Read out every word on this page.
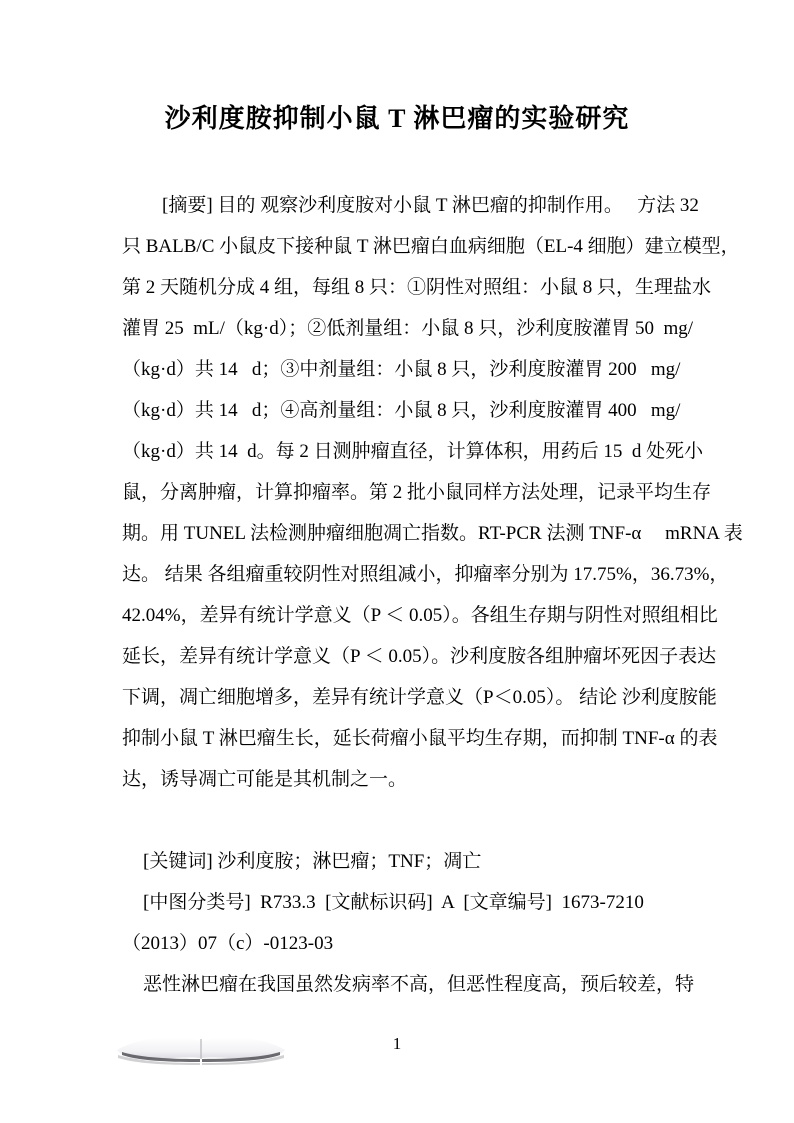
沙利度胺抑制小鼠 T 淋巴瘤的实验研究
[摘要] 目的 观察沙利度胺对小鼠 T 淋巴瘤的抑制作用。   方法 32
只 BALB/C 小鼠皮下接种鼠 T 淋巴瘤白血病细胞（EL-4 细胞）建立模型，
第 2 天随机分成 4 组，每组 8 只：①阴性对照组：小鼠 8 只，生理盐水
灌胃 25  mL/（kg·d）；②低剂量组：小鼠 8 只，沙利度胺灌胃 50  mg/
（kg·d）共 14   d；③中剂量组：小鼠 8 只，沙利度胺灌胃 200   mg/
（kg·d）共 14   d；④高剂量组：小鼠 8 只，沙利度胺灌胃 400   mg/
（kg·d）共 14  d。每 2 日测肿瘤直径，计算体积，用药后 15  d 处死小
鼠，分离肿瘤，计算抑瘤率。第 2 批小鼠同样方法处理，记录平均生存
期。用 TUNEL 法检测肿瘤细胞凋亡指数。RT-PCR 法测 TNF-α     mRNA 表
达。 结果 各组瘤重较阴性对照组减小，抑瘤率分别为 17.75%，36.73%，
42.04%，差异有统计学意义（P ＜ 0.05）。各组生存期与阴性对照组相比
延长，差异有统计学意义（P ＜ 0.05）。沙利度胺各组肿瘤坏死因子表达
下调，凋亡细胞增多，差异有统计学意义（P＜0.05）。 结论 沙利度胺能
抑制小鼠 T 淋巴瘤生长，延长荷瘤小鼠平均生存期，而抑制 TNF-α 的表
达，诱导凋亡可能是其机制之一。
[关键词] 沙利度胺；淋巴瘤；TNF；凋亡
[中图分类号]  R733.3  [文献标识码]  A  [文章编号]  1673-7210
（2013）07（c）-0123-03
恶性淋巴瘤在我国虽然发病率不高，但恶性程度高，预后较差，特
1
